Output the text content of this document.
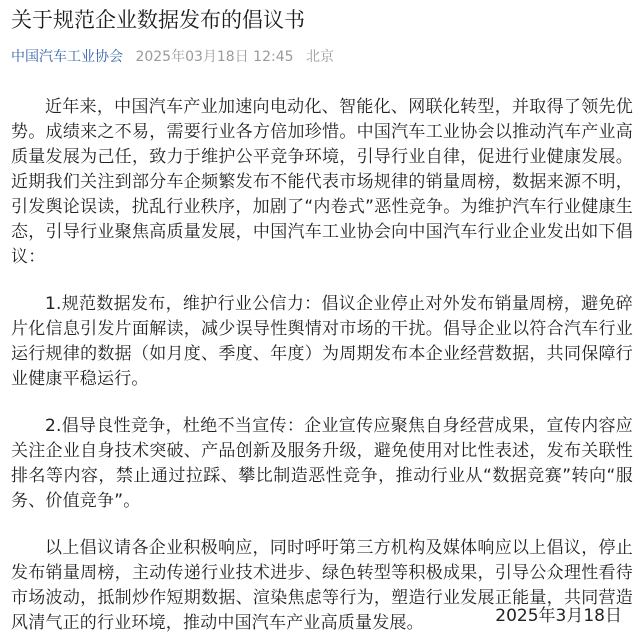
关于规范企业数据发布的倡议书
中国汽车工业协会 2025年03月18日 12:45 北京

近年来，中国汽车产业加速向电动化、智能化、网联化转型，并取得了领先优势。成绩来之不易，需要行业各方倍加珍惜。中国汽车工业协会以推动汽车产业高质量发展为己任，致力于维护公平竞争环境，引导行业自律，促进行业健康发展。近期我们关注到部分车企频繁发布不能代表市场规律的销量周榜，数据来源不明，引发舆论误读，扰乱行业秩序，加剧了“内卷式”恶性竞争。为维护汽车行业健康生态，引导行业聚焦高质量发展，中国汽车工业协会向中国汽车行业企业发出如下倡议：

1.规范数据发布，维护行业公信力：倡议企业停止对外发布销量周榜，避免碎片化信息引发片面解读，减少误导性舆情对市场的干扰。倡导企业以符合汽车行业运行规律的数据（如月度、季度、年度）为周期发布本企业经营数据，共同保障行业健康平稳运行。

2.倡导良性竞争，杜绝不当宣传：企业宣传应聚焦自身经营成果，宣传内容应关注企业自身技术突破、产品创新及服务升级，避免使用对比性表述，发布关联性排名等内容，禁止通过拉踩、攀比制造恶性竞争，推动行业从“数据竞赛”转向“服务、价值竞争”。

以上倡议请各企业积极响应，同时呼吁第三方机构及媒体响应以上倡议，停止发布销量周榜，主动传递行业技术进步、绿色转型等积极成果，引导公众理性看待市场波动，抵制炒作短期数据、渲染焦虑等行为，塑造行业发展正能量，共同营造风清气正的行业环境，推动中国汽车产业高质量发展。	2025年3月18日
